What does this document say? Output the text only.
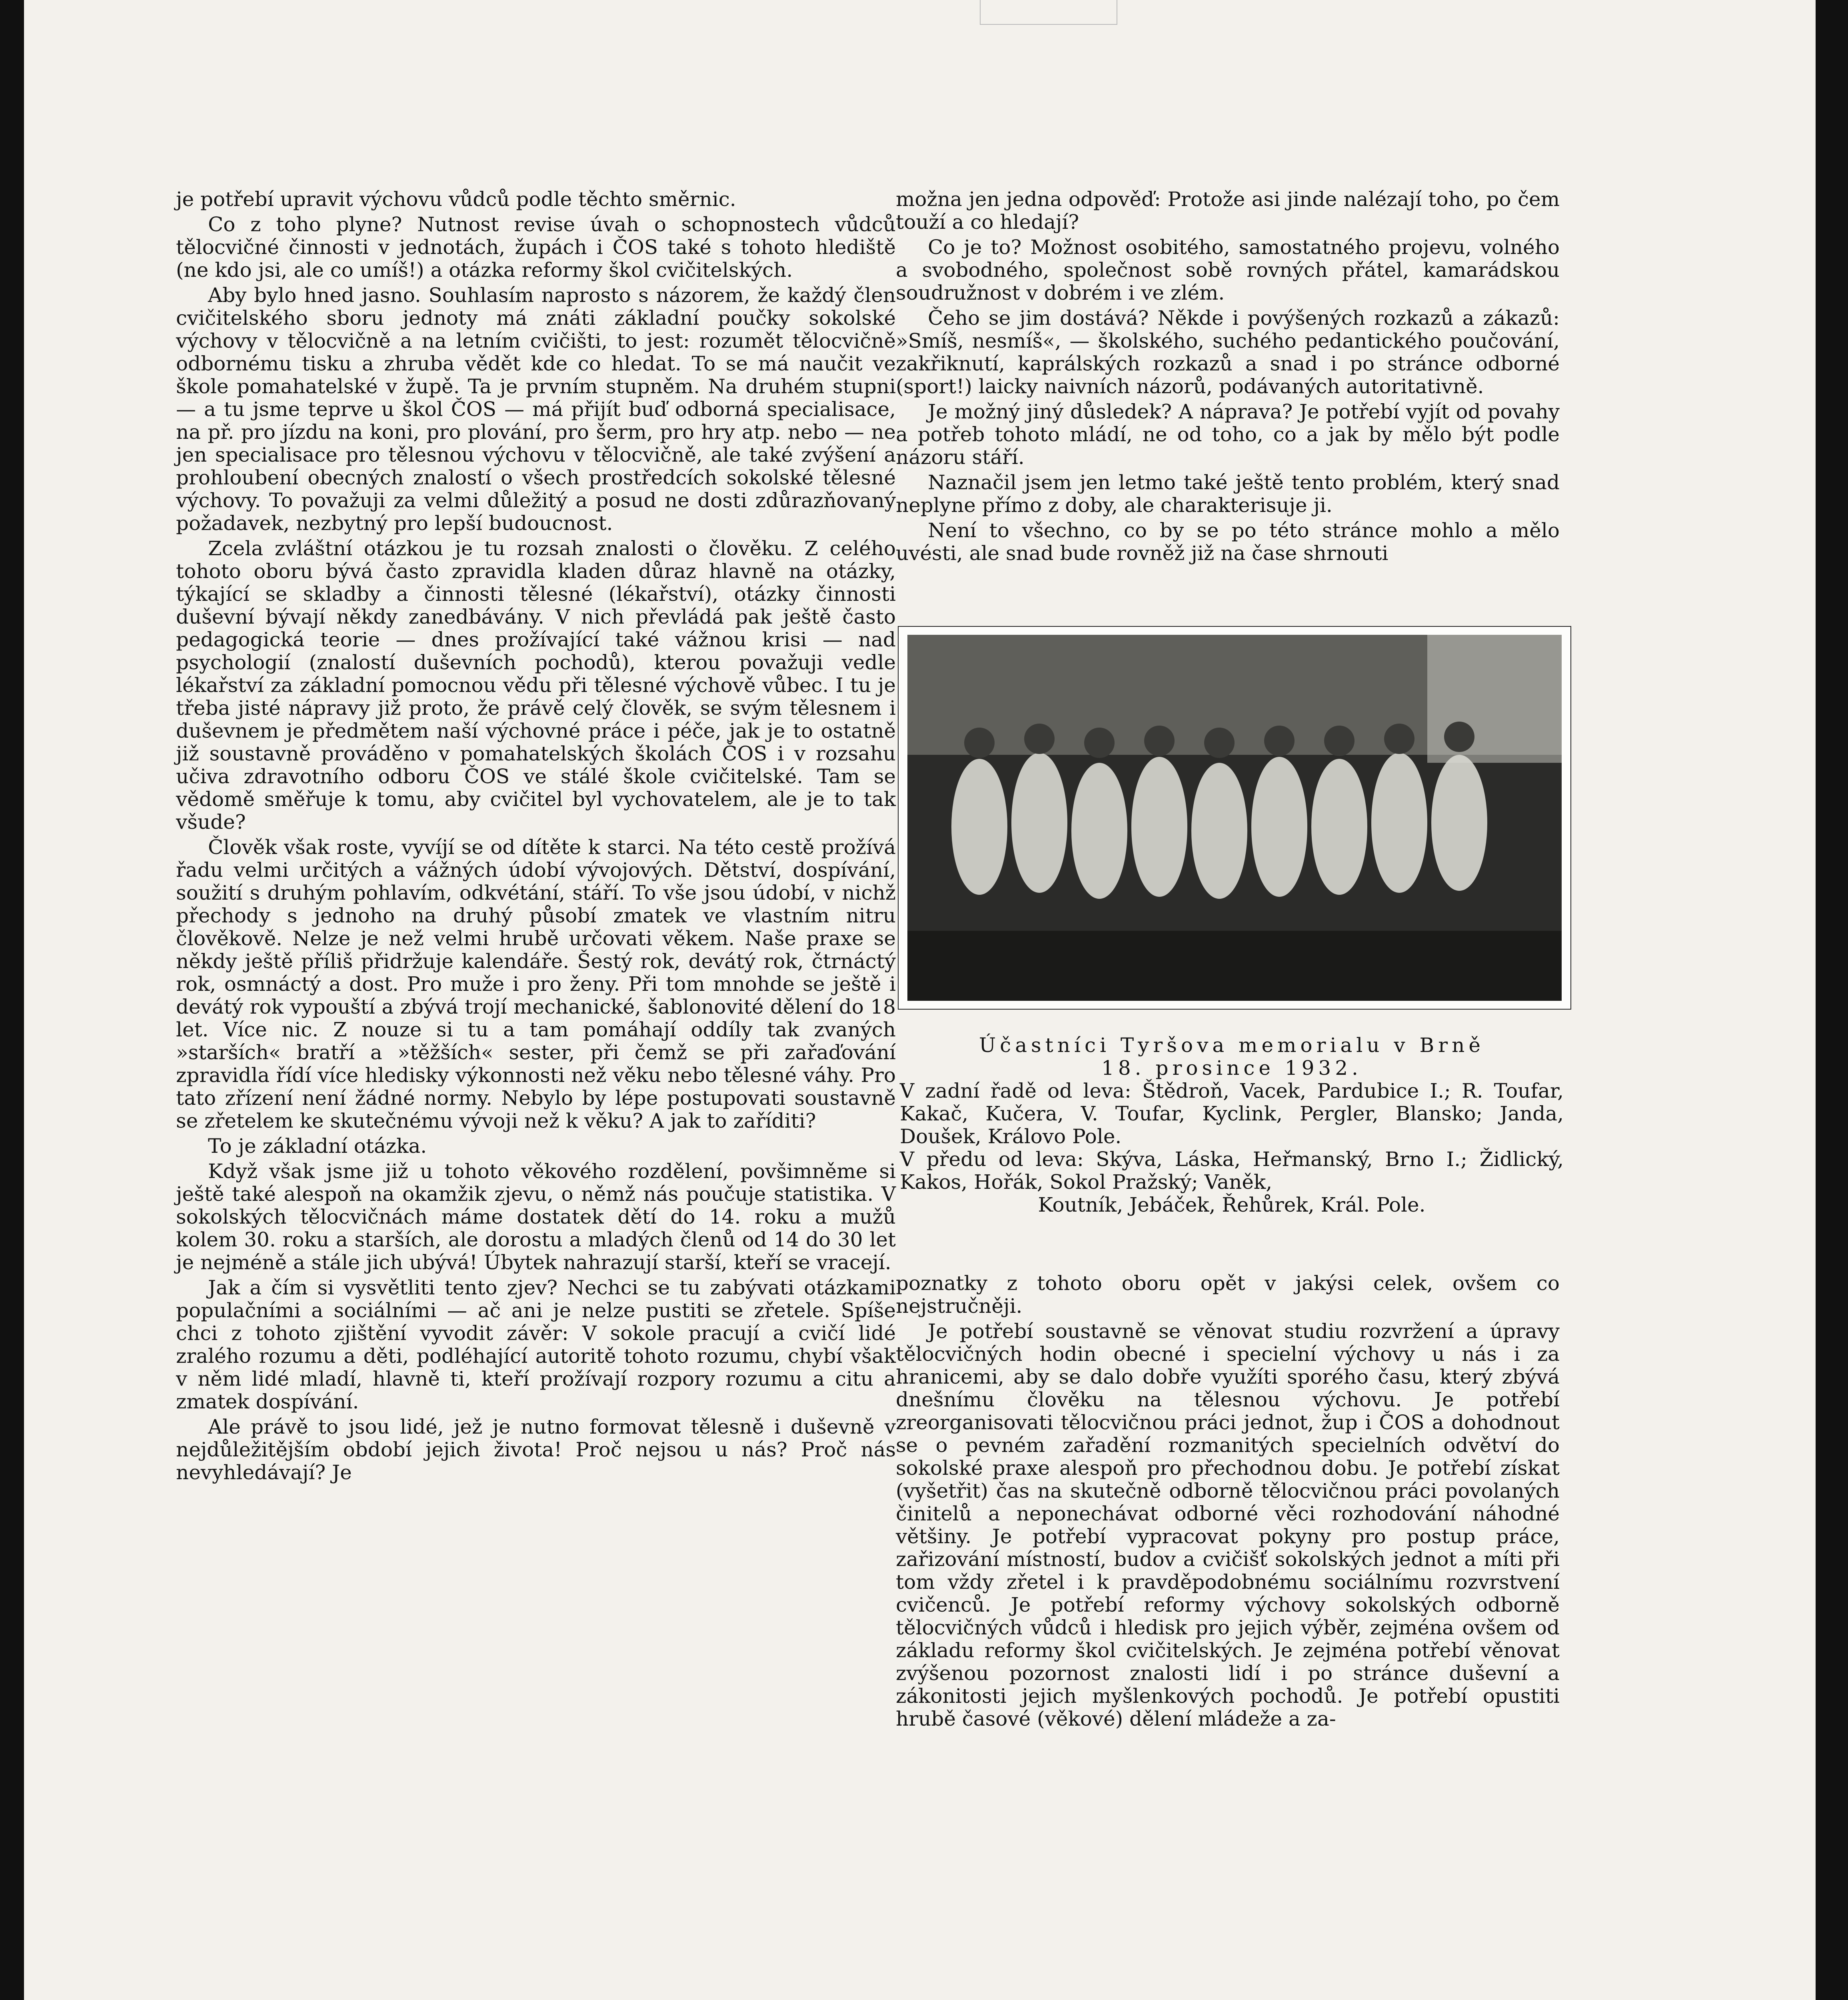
je potřebí upravit výchovu vůdců podle těchto směrnic.

Co z toho plyne? Nutnost revise úvah o schopnostech vůdců tělocvičné činnosti v jednotách, župách i ČOS také s tohoto hlediště (ne kdo jsi, ale co umíš!) a otázka reformy škol cvičitelských.

Aby bylo hned jasno. Souhlasím naprosto s názorem, že každý člen cvičitelského sboru jednoty má znáti základní poučky sokolské výchovy v tělocvičně a na letním cvičišti, to jest: rozumět tělocvičně odbornému tisku a zhruba vědět kde co hledat. To se má naučit ve škole pomahatelské v župě. Ta je prvním stupněm. Na druhém stupni — a tu jsme teprve u škol ČOS — má přijít buď odborná specialisace, na př. pro jízdu na koni, pro plování, pro šerm, pro hry atp. nebo — ne jen specialisace pro tělesnou výchovu v tělocvičně, ale také zvýšení a prohloubení obecných znalostí o všech prostředcích sokolské tělesné výchovy. To považuji za velmi důležitý a posud ne dosti zdůrazňovaný požadavek, nezbytný pro lepší budoucnost.

Zcela zvláštní otázkou je tu rozsah znalosti o člověku. Z celého tohoto oboru bývá často zpravidla kladen důraz hlavně na otázky, týkající se skladby a činnosti tělesné (lékařství), otázky činnosti duševní bývají někdy zanedbávány. V nich převládá pak ještě často pedagogická teorie — dnes prožívající také vážnou krisi — nad psychologií (znalostí duševních pochodů), kterou považuji vedle lékařství za základní pomocnou vědu při tělesné výchově vůbec. I tu je třeba jisté nápravy již proto, že právě celý člověk, se svým tělesnem i duševnem je předmětem naší výchovné práce i péče, jak je to ostatně již soustavně prováděno v pomahatelských školách ČOS i v rozsahu učiva zdravotního odboru ČOS ve stálé škole cvičitelské. Tam se vědomě směřuje k tomu, aby cvičitel byl vychovatelem, ale je to tak všude?

Člověk však roste, vyvíjí se od dítěte k starci. Na této cestě prožívá řadu velmi určitých a vážných údobí vývojových. Dětství, dospívání, soužití s druhým pohlavím, odkvétání, stáří. To vše jsou údobí, v nichž přechody s jednoho na druhý působí zmatek ve vlastním nitru člověkově. Nelze je než velmi hrubě určovati věkem. Naše praxe se někdy ještě příliš přidržuje kalendáře. Šestý rok, devátý rok, čtrnáctý rok, osmnáctý a dost. Pro muže i pro ženy. Při tom mnohde se ještě i devátý rok vypouští a zbývá trojí mechanické, šablonovité dělení do 18 let. Více nic. Z nouze si tu a tam pomáhají oddíly tak zvaných »starších« bratří a »těžších« sester, při čemž se při zařaďování zpravidla řídí více hledisky výkonnosti než věku nebo tělesné váhy. Pro tato zřízení není žádné normy. Nebylo by lépe postupovati soustavně se zřetelem ke skutečnému vývoji než k věku? A jak to zaříditi?

To je základní otázka.

Když však jsme již u tohoto věkového rozdělení, povšimněme si ještě také alespoň na okamžik zjevu, o němž nás poučuje statistika. V sokolských tělocvičnách máme dostatek dětí do 14. roku a mužů kolem 30. roku a starších, ale dorostu a mladých členů od 14 do 30 let je nejméně a stále jich ubývá! Úbytek nahrazují starší, kteří se vracejí.

Jak a čím si vysvětliti tento zjev? Nechci se tu zabývati otázkami populačními a sociálními — ač ani je nelze pustiti se zřetele. Spíše chci z tohoto zjištění vyvodit závěr: V sokole pracují a cvičí lidé zralého rozumu a děti, podléhající autoritě tohoto rozumu, chybí však v něm lidé mladí, hlavně ti, kteří prožívají rozpory rozumu a citu a zmatek dospívání.

Ale právě to jsou lidé, jež je nutno formovat tělesně i duševně v nejdůležitějším období jejich života! Proč nejsou u nás? Proč nás nevyhledávají? Je

možna jen jedna odpověď: Protože asi jinde nalézají toho, po čem touží a co hledají?

Co je to? Možnost osobitého, samostatného projevu, volného a svobodného, společnost sobě rovných přátel, kamarádskou soudružnost v dobrém i ve zlém.

Čeho se jim dostává? Někde i povýšených rozkazů a zákazů: »Smíš, nesmíš«, — školského, suchého pedantického poučování, zakřiknutí, kaprálských rozkazů a snad i po stránce odborné (sport!) laicky naivních názorů, podávaných autoritativně.

Je možný jiný důsledek? A náprava? Je potřebí vyjít od povahy a potřeb tohoto mládí, ne od toho, co a jak by mělo být podle názoru stáří.

Naznačil jsem jen letmo také ještě tento problém, který snad neplyne přímo z doby, ale charakterisuje ji.

Není to všechno, co by se po této stránce mohlo a mělo uvésti, ale snad bude rovněž již na čase shrnouti

Účastníci Tyršova memorialu v Brně

18. prosince 1932.

V zadní řadě od leva: Štědroň, Vacek, Pardubice I.; R. Toufar, Kakač, Kučera, V. Toufar, Kyclink, Pergler, Blansko; Janda, Doušek, Královo Pole.

V předu od leva: Skýva, Láska, Heřmanský, Brno I.; Židlický, Kakos, Hořák, Sokol Pražský; Vaněk,

Koutník, Jebáček, Řehůrek, Král. Pole.

poznatky z tohoto oboru opět v jakýsi celek, ovšem co nejstručněji.

Je potřebí soustavně se věnovat studiu rozvržení a úpravy tělocvičných hodin obecné i specielní výchovy u nás i za hranicemi, aby se dalo dobře využíti sporého času, který zbývá dnešnímu člověku na tělesnou výchovu. Je potřebí zreorganisovati tělocvičnou práci jednot, žup i ČOS a dohodnout se o pevném zařadění rozmanitých specielních odvětví do sokolské praxe alespoň pro přechodnou dobu. Je potřebí získat (vyšetřit) čas na skutečně odborně tělocvičnou práci povolaných činitelů a neponechávat odborné věci rozhodování náhodné většiny. Je potřebí vypracovat pokyny pro postup práce, zařizování místností, budov a cvičišť sokolských jednot a míti při tom vždy zřetel i k pravděpodobnému sociálnímu rozvrstvení cvičenců. Je potřebí reformy výchovy sokolských odborně tělocvičných vůdců i hledisk pro jejich výběr, zejména ovšem od základu reformy škol cvičitelských. Je zejména potřebí věnovat zvýšenou pozornost znalosti lidí i po stránce duševní a zákonitosti jejich myšlenkových pochodů. Je potřebí opustiti hrubě časové (věkové) dělení mládeže a za-
